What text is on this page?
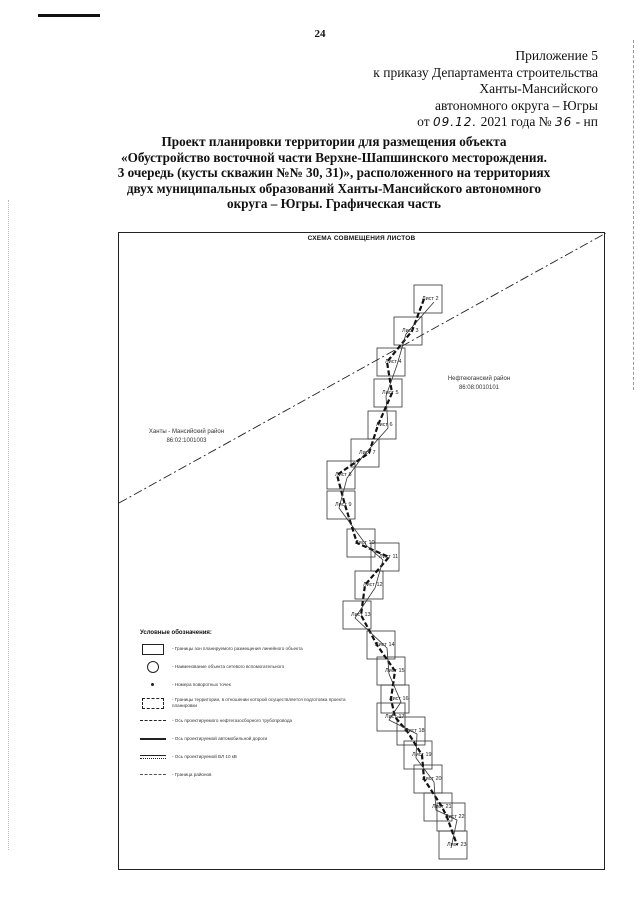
24
Приложение 5
к приказу Департамента строительства
Ханты-Мансийского
автономного округа – Югры
от 09.12. 2021 года № 36 - нп
Проект планировки территории для размещения объекта
«Обустройство восточной части Верхне-Шапшинского месторождения.
3 очередь (кусты скважин №№ 30, 31)», расположенного на территориях
двух муниципальных образований Ханты-Мансийского автономного
округа – Югры. Графическая часть
СХЕМА СОВМЕЩЕНИЯ ЛИСТОВ
Ханты - Мансийский район
86:02:1001003
Нефтеюганский район
86:08:0010101
Лист 2
Лист 3
Лист 4
Лист 5
Лист 6
Лист 7
Лист 8
Лист 9
Лист 10
Лист 11
Лист 12
Лист 13
Лист 14
Лист 15
Лист 16
Лист 17
Лист 18
Лист 19
Лист 20
Лист 21
Лист 22
Лист 23
Условные обозначения:
- Границы зон планируемого размещения линейного объекта
- Наименование объекта сетевого вспомогательного
- Номера поворотных точек
- Границы территории, в отношении которой осуществляется подготовка проекта планировки
- Ось проектируемого нефтегазосборного трубопровода
- Ось проектируемой автомобильной дороги
- Ось проектируемой ВЛ 10 кВ
- Граница районов
